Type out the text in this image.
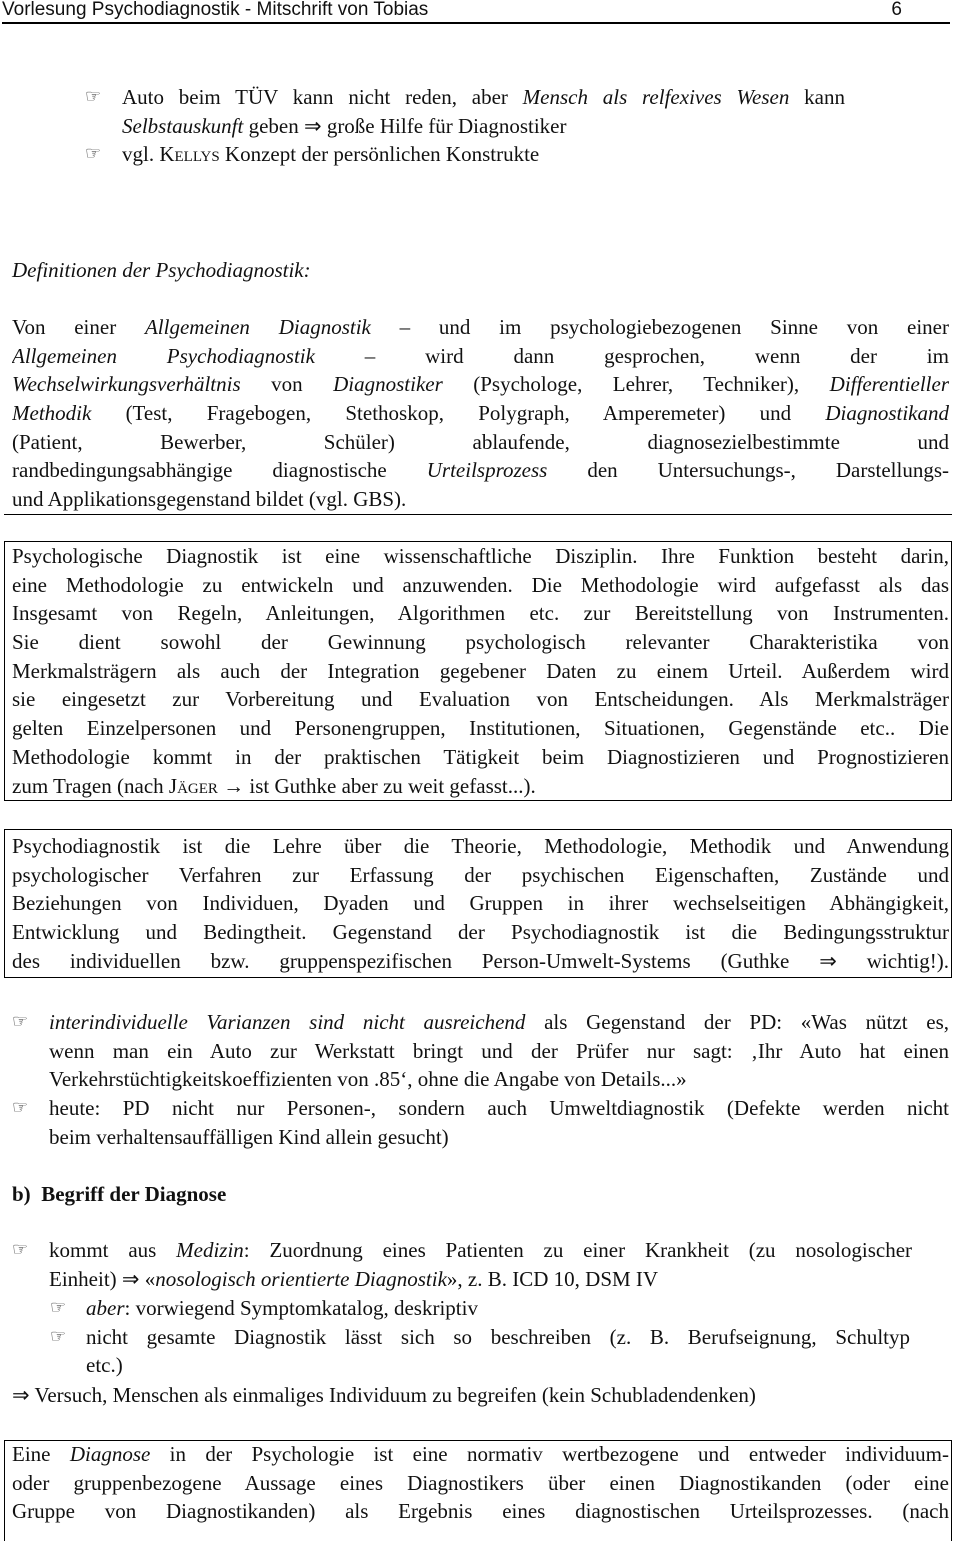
Vorlesung Psychodiagnostik - Mitschrift von Tobias	6
☞ Auto beim TÜV kann nicht reden, aber Mensch als relfexives Wesen kann
Selbstauskunft geben ⇒ große Hilfe für Diagnostiker
☞ vgl. Kellys Konzept der persönlichen Konstrukte
Definitionen der Psychodiagnostik:
Von einer Allgemeinen Diagnostik – und im psychologiebezogenen Sinne von einer
Allgemeinen Psychodiagnostik – wird dann gesprochen, wenn der im
Wechselwirkungsverhältnis von Diagnostiker (Psychologe, Lehrer, Techniker), Differentieller
Methodik (Test, Fragebogen, Stethoskop, Polygraph, Amperemeter) und Diagnostikand
(Patient, Bewerber, Schüler) ablaufende, diagnosezielbestimmte und
randbedingungsabhängige diagnostische Urteilsprozess den Untersuchungs-, Darstellungs-
und Applikationsgegenstand bildet (vgl. GBS).
Psychologische Diagnostik ist eine wissenschaftliche Disziplin. Ihre Funktion besteht darin,
eine Methodologie zu entwickeln und anzuwenden. Die Methodologie wird aufgefasst als das
Insgesamt von Regeln, Anleitungen, Algorithmen etc. zur Bereitstellung von Instrumenten.
Sie dient sowohl der Gewinnung psychologisch relevanter Charakteristika von
Merkmalsträgern als auch der Integration gegebener Daten zu einem Urteil. Außerdem wird
sie eingesetzt zur Vorbereitung und Evaluation von Entscheidungen. Als Merkmalsträger
gelten Einzelpersonen und Personengruppen, Institutionen, Situationen, Gegenstände etc.. Die
Methodologie kommt in der praktischen Tätigkeit beim Diagnostizieren und Prognostizieren
zum Tragen (nach Jäger → ist Guthke aber zu weit gefasst...).
Psychodiagnostik ist die Lehre über die Theorie, Methodologie, Methodik und Anwendung
psychologischer Verfahren zur Erfassung der psychischen Eigenschaften, Zustände und
Beziehungen von Individuen, Dyaden und Gruppen in ihrer wechselseitigen Abhängigkeit,
Entwicklung und Bedingtheit. Gegenstand der Psychodiagnostik ist die Bedingungsstruktur
des individuellen bzw. gruppenspezifischen Person-Umwelt-Systems (Guthke ⇒ wichtig!).
☞ interindividuelle Varianzen sind nicht ausreichend als Gegenstand der PD: «Was nützt es,
wenn man ein Auto zur Werkstatt bringt und der Prüfer nur sagt: ‚Ihr Auto hat einen
Verkehrstüchtigkeitskoeffizienten von .85‘, ohne die Angabe von Details...»
☞ heute: PD nicht nur Personen-, sondern auch Umweltdiagnostik (Defekte werden nicht
beim verhaltensauffälligen Kind allein gesucht)
b) Begriff der Diagnose
☞ kommt aus Medizin: Zuordnung eines Patienten zu einer Krankheit (zu nosologischer
Einheit) ⇒ «nosologisch orientierte Diagnostik», z. B. ICD 10, DSM IV
☞ aber: vorwiegend Symptomkatalog, deskriptiv
☞ nicht gesamte Diagnostik lässt sich so beschreiben (z. B. Berufseignung, Schultyp
etc.)
⇒ Versuch, Menschen als einmaliges Individuum zu begreifen (kein Schubladendenken)
Eine Diagnose in der Psychologie ist eine normativ wertbezogene und entweder individuum-
oder gruppenbezogene Aussage eines Diagnostikers über einen Diagnostikanden (oder eine
Gruppe von Diagnostikanden) als Ergebnis eines diagnostischen Urteilsprozesses. (nach
